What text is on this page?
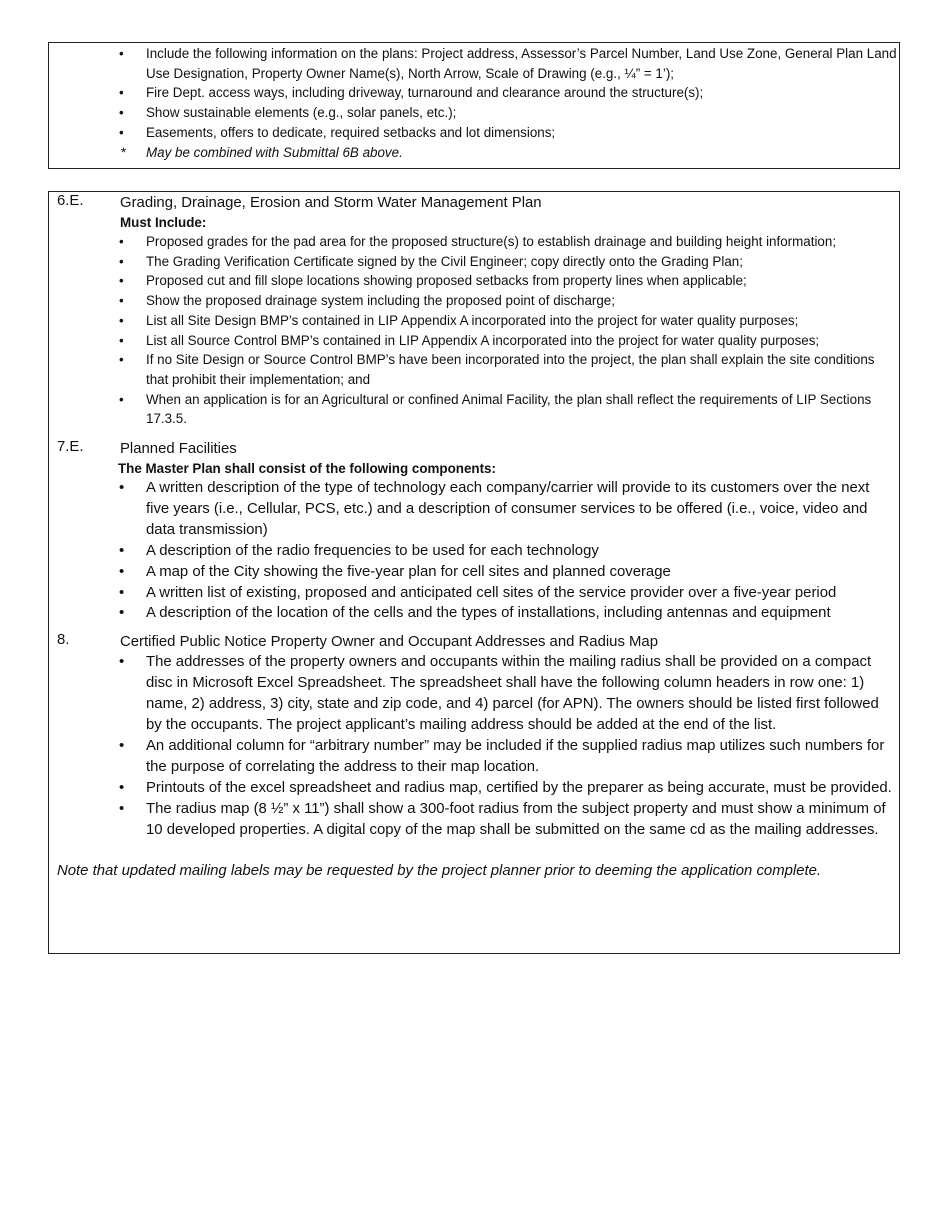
• Include the following information on the plans: Project address, Assessor’s Parcel Number, Land Use Zone, General Plan Land Use Designation, Property Owner Name(s), North Arrow, Scale of Drawing (e.g., ¼” = 1’);
• Fire Dept. access ways, including driveway, turnaround and clearance around the structure(s);
• Show sustainable elements (e.g., solar panels, etc.);
• Easements, offers to dedicate, required setbacks and lot dimensions;
* May be combined with Submittal 6B above.
6.E. Grading, Drainage, Erosion and Storm Water Management Plan
Must Include:
• Proposed grades for the pad area for the proposed structure(s) to establish drainage and building height information;
• The Grading Verification Certificate signed by the Civil Engineer; copy directly onto the Grading Plan;
• Proposed cut and fill slope locations showing proposed setbacks from property lines when applicable;
• Show the proposed drainage system including the proposed point of discharge;
• List all Site Design BMP’s contained in LIP Appendix A incorporated into the project for water quality purposes;
• List all Source Control BMP’s contained in LIP Appendix A incorporated into the project for water quality purposes;
• If no Site Design or Source Control BMP’s have been incorporated into the project, the plan shall explain the site conditions that prohibit their implementation; and
• When an application is for an Agricultural or confined Animal Facility, the plan shall reflect the requirements of LIP Sections 17.3.5.
7.E. Planned Facilities
The Master Plan shall consist of the following components:
• A written description of the type of technology each company/carrier will provide to its customers over the next five years (i.e., Cellular, PCS, etc.) and a description of consumer services to be offered (i.e., voice, video and data transmission)
• A description of the radio frequencies to be used for each technology
• A map of the City showing the five-year plan for cell sites and planned coverage
• A written list of existing, proposed and anticipated cell sites of the service provider over a five-year period
• A description of the location of the cells and the types of installations, including antennas and equipment
8.	Certified Public Notice Property Owner and Occupant Addresses and Radius Map
• The addresses of the property owners and occupants within the mailing radius shall be provided on a compact disc in Microsoft Excel Spreadsheet. The spreadsheet shall have the following column headers in row one: 1) name, 2) address, 3) city, state and zip code, and 4) parcel (for APN). The owners should be listed first followed by the occupants. The project applicant’s mailing address should be added at the end of the list.
• An additional column for “arbitrary number” may be included if the supplied radius map utilizes such numbers for the purpose of correlating the address to their map location.
• Printouts of the excel spreadsheet and radius map, certified by the preparer as being accurate, must be provided.
• The radius map (8 ½” x 11”) shall show a 300-foot radius from the subject property and must show a minimum of 10 developed properties. A digital copy of the map shall be submitted on the same cd as the mailing addresses.
Note that updated mailing labels may be requested by the project planner prior to deeming the application complete.
